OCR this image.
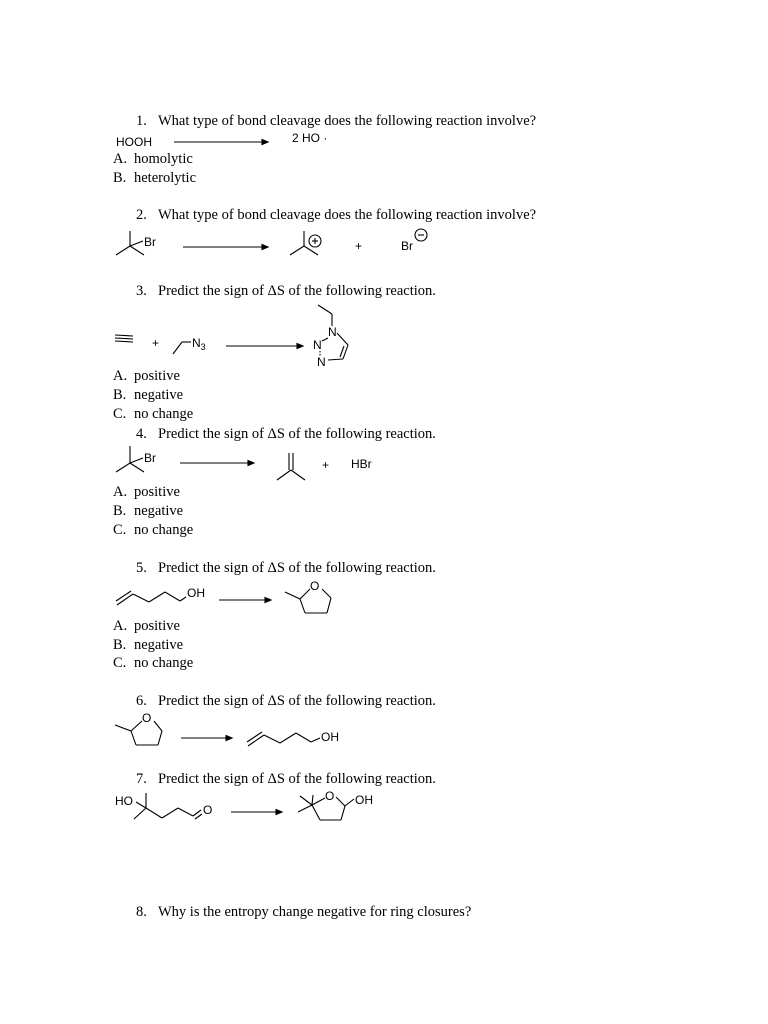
1. What type of bond cleavage does the following reaction involve?
HOOH	2 HO ·
A. homolytic
B. heterolytic
2. What type of bond cleavage does the following reaction involve?
Br	+	Br
3. Predict the sign of ΔS of the following reaction.
+	$N_3$
N
N
N
A. positive
B. negative
C. no change
4. Predict the sign of ΔS of the following reaction.
Br	+ HBr
A. positive
B. negative
C. no change
5. Predict the sign of ΔS of the following reaction.
OH	O
A. positive
B. negative
C. no change
6. Predict the sign of ΔS of the following reaction.
O
OH
7. Predict the sign of ΔS of the following reaction.
HO
O
O OH
8. Why is the entropy change negative for ring closures?
